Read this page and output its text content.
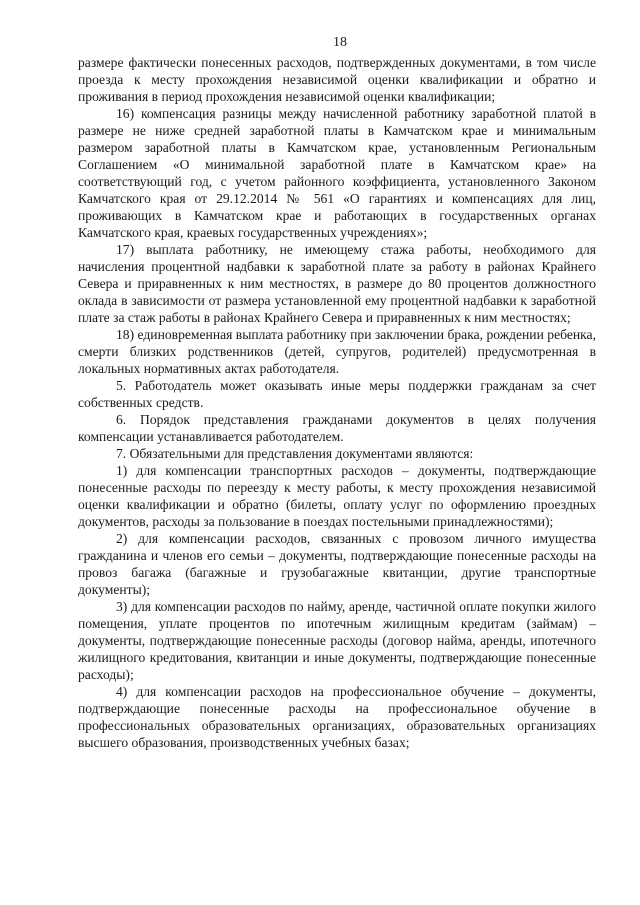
18

размере фактически понесенных расходов, подтвержденных документами, в том числе проезда к месту прохождения независимой оценки квалификации и обратно и проживания в период прохождения независимой оценки квалификации;

16) компенсация разницы между начисленной работнику заработной платой в размере не ниже средней заработной платы в Камчатском крае и минимальным размером заработной платы в Камчатском крае, установленным Региональным Соглашением «О минимальной заработной плате в Камчатском крае» на соответствующий год, с учетом районного коэффициента, установленного Законом Камчатского края от 29.12.2014 № 561 «О гарантиях и компенсациях для лиц, проживающих в Камчатском крае и работающих в государственных органах Камчатского края, краевых государственных учреждениях»;

17) выплата работнику, не имеющему стажа работы, необходимого для начисления процентной надбавки к заработной плате за работу в районах Крайнего Севера и приравненных к ним местностях, в размере до 80 процентов должностного оклада в зависимости от размера установленной ему процентной надбавки к заработной плате за стаж работы в районах Крайнего Севера и приравненных к ним местностях;

18) единовременная выплата работнику при заключении брака, рождении ребенка, смерти близких родственников (детей, супругов, родителей) предусмотренная в локальных нормативных актах работодателя.

5. Работодатель может оказывать иные меры поддержки гражданам за счет собственных средств.

6. Порядок представления гражданами документов в целях получения компенсации устанавливается работодателем.

7. Обязательными для представления документами являются:

1) для компенсации транспортных расходов – документы, подтверждающие понесенные расходы по переезду к месту работы, к месту прохождения независимой оценки квалификации и обратно (билеты, оплату услуг по оформлению проездных документов, расходы за пользование в поездах постельными принадлежностями);

2) для компенсации расходов, связанных с провозом личного имущества гражданина и членов его семьи – документы, подтверждающие понесенные расходы на провоз багажа (багажные и грузобагажные квитанции, другие транспортные документы);

3) для компенсации расходов по найму, аренде, частичной оплате покупки жилого помещения, уплате процентов по ипотечным жилищным кредитам (займам) – документы, подтверждающие понесенные расходы (договор найма, аренды, ипотечного жилищного кредитования, квитанции и иные документы, подтверждающие понесенные расходы);

4) для компенсации расходов на профессиональное обучение – документы, подтверждающие понесенные расходы на профессиональное обучение в профессиональных образовательных организациях, образовательных организациях высшего образования, производственных учебных базах;
